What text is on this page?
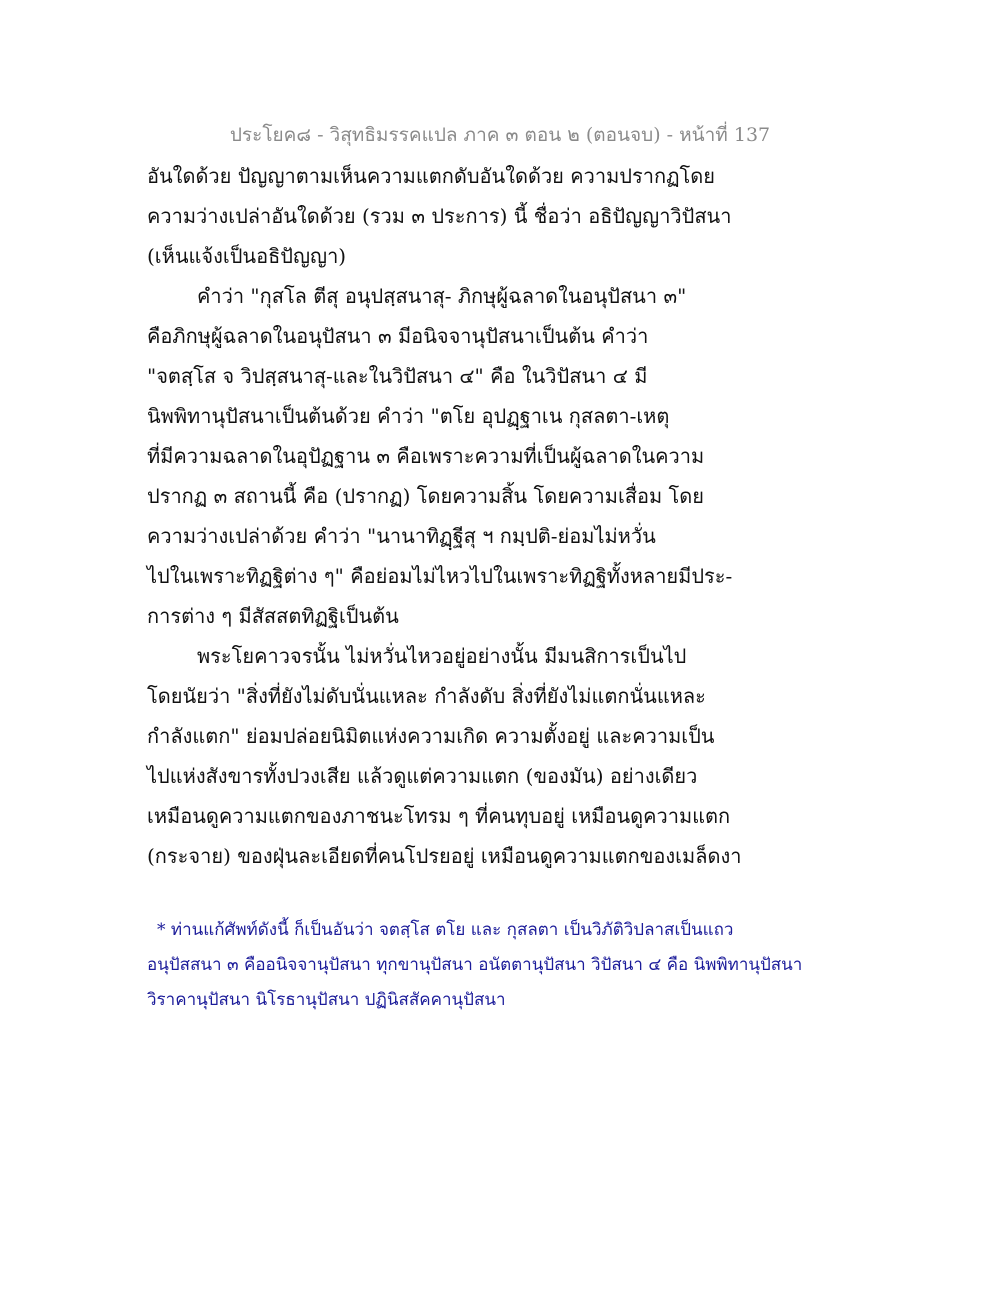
ประโยค๘ - วิสุทธิมรรคแปล ภาค ๓ ตอน ๒ (ตอนจบ) - หน้าที่ 137
อันใดด้วย ปัญญาตามเห็นความแตกดับอันใดด้วย ความปรากฏโดย
ความว่างเปล่าอันใดด้วย (รวม ๓ ประการ) นี้ ชื่อว่า อธิปัญญาวิปัสนา
(เห็นแจ้งเป็นอธิปัญญา)
คำว่า "กุสโล ตีสุ อนุปสฺสนาสุ- ภิกษุผู้ฉลาดในอนุปัสนา ๓"
คือภิกษุผู้ฉลาดในอนุปัสนา ๓ มีอนิจจานุปัสนาเป็นต้น คำว่า
"จตสฺโส จ วิปสฺสนาสุ-และในวิปัสนา ๔" คือ ในวิปัสนา ๔ มี
นิพพิทานุปัสนาเป็นต้นด้วย คำว่า "ตโย อุปฏฺฐาเน กุสลตา-เหตุ
ที่มีความฉลาดในอุปัฏฐาน ๓ คือเพราะความที่เป็นผู้ฉลาดในความ
ปรากฏ ๓ สถานนี้ คือ (ปรากฏ) โดยความสิ้น โดยความเสื่อม โดย
ความว่างเปล่าด้วย คำว่า "นานาทิฏฺฐีสุ ฯ กมฺปติ-ย่อมไม่หวั่น
ไปในเพราะทิฏฐิต่าง ๆ" คือย่อมไม่ไหวไปในเพราะทิฏฐิทั้งหลายมีประ-
การต่าง ๆ มีสัสสตทิฏฐิเป็นต้น
พระโยคาวจรนั้น ไม่หวั่นไหวอยู่อย่างนั้น มีมนสิการเป็นไป
โดยนัยว่า "สิ่งที่ยังไม่ดับนั่นแหละ กำลังดับ สิ่งที่ยังไม่แตกนั่นแหละ
กำลังแตก" ย่อมปล่อยนิมิตแห่งความเกิด ความตั้งอยู่ และความเป็น
ไปแห่งสังขารทั้งปวงเสีย แล้วดูแต่ความแตก (ของมัน) อย่างเดียว
เหมือนดูความแตกของภาชนะโทรม ๆ ที่คนทุบอยู่ เหมือนดูความแตก
(กระจาย) ของฝุ่นละเอียดที่คนโปรยอยู่ เหมือนดูความแตกของเมล็ดงา
* ท่านแก้ศัพท์ดังนี้ ก็เป็นอันว่า จตสฺโส ตโย และ กุสลตา เป็นวิภัติวิปลาสเป็นแถว
อนุปัสสนา ๓ คืออนิจจานุปัสนา ทุกขานุปัสนา อนัตตานุปัสนา วิปัสนา ๔ คือ นิพพิทานุปัสนา
วิราคานุปัสนา นิโรธานุปัสนา ปฏินิสสัคคานุปัสนา
